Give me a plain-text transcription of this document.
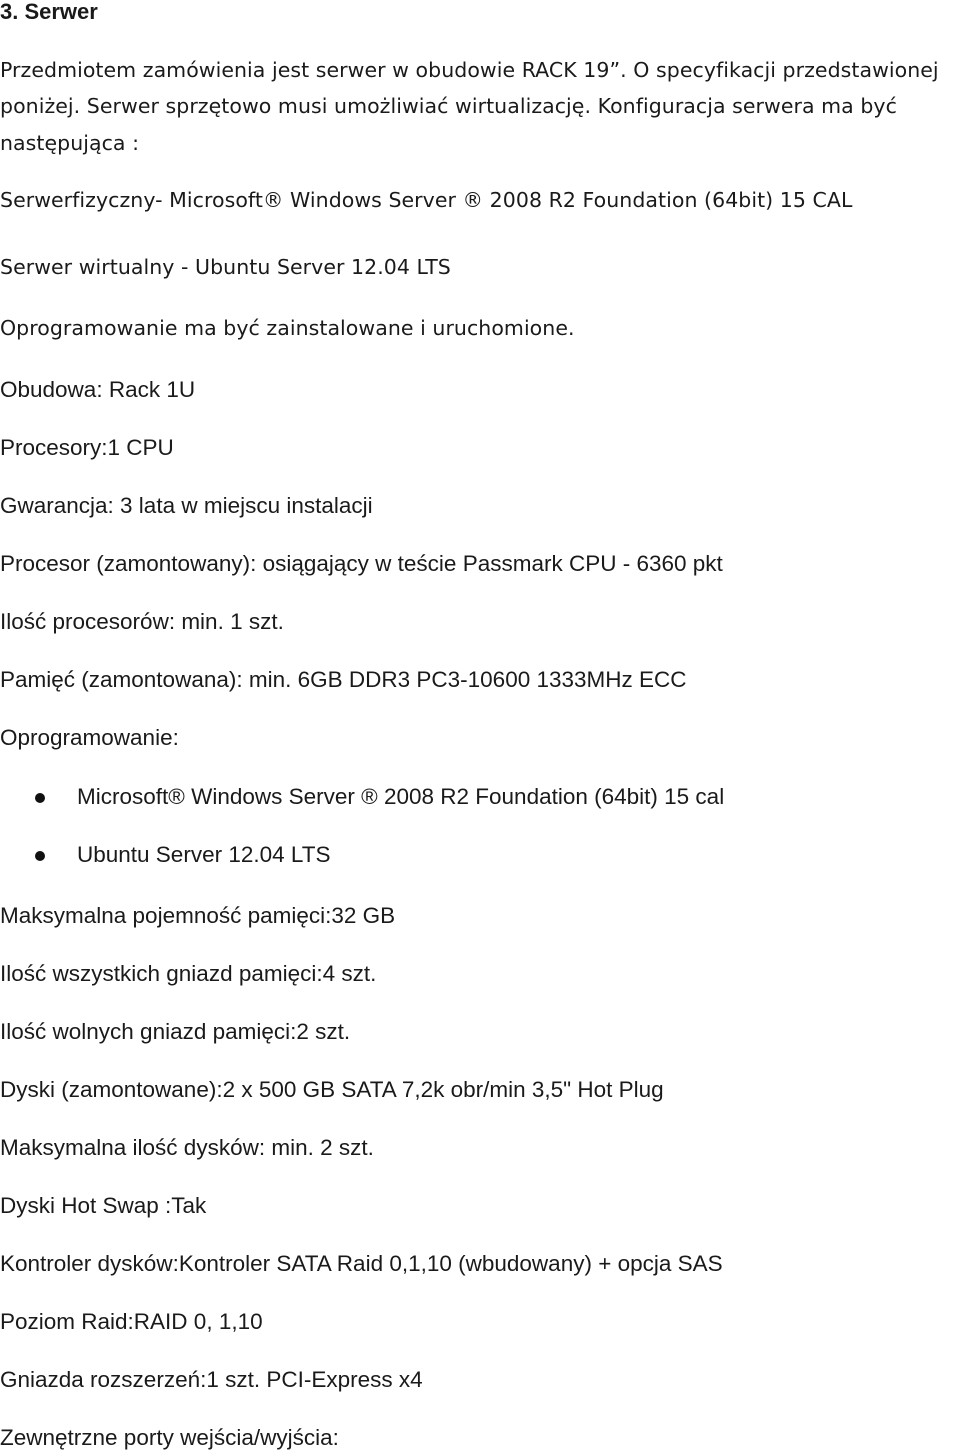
3. Serwer

Przedmiotem zamówienia jest serwer w obudowie RACK 19”. O specyfikacji przedstawionej

poniżej. Serwer sprzętowo musi umożliwiać wirtualizację. Konfiguracja serwera ma być

następująca :

Serwerfizyczny- Microsoft® Windows Server ® 2008 R2 Foundation (64bit) 15 CAL

Serwer wirtualny - Ubuntu Server 12.04 LTS

Oprogramowanie ma być zainstalowane i uruchomione.

Obudowa: Rack 1U

Procesory:1 CPU

Gwarancja: 3 lata w miejscu instalacji

Procesor (zamontowany): osiągający w teście Passmark CPU - 6360 pkt

Ilość procesorów: min. 1 szt.

Pamięć (zamontowana): min. 6GB DDR3 PC3-10600 1333MHz ECC

Oprogramowanie:

Microsoft® Windows Server ® 2008 R2 Foundation (64bit) 15 cal
Ubuntu Server 12.04 LTS

Maksymalna pojemność pamięci:32 GB

Ilość wszystkich gniazd pamięci:4 szt.

Ilość wolnych gniazd pamięci:2 szt.

Dyski (zamontowane):2 x 500 GB SATA 7,2k obr/min 3,5" Hot Plug

Maksymalna ilość dysków: min. 2 szt.

Dyski Hot Swap :Tak

Kontroler dysków:Kontroler SATA Raid 0,1,10 (wbudowany) + opcja SAS

Poziom Raid:RAID 0, 1,10

Gniazda rozszerzeń:1 szt. PCI-Express x4

Zewnętrzne porty wejścia/wyjścia:
